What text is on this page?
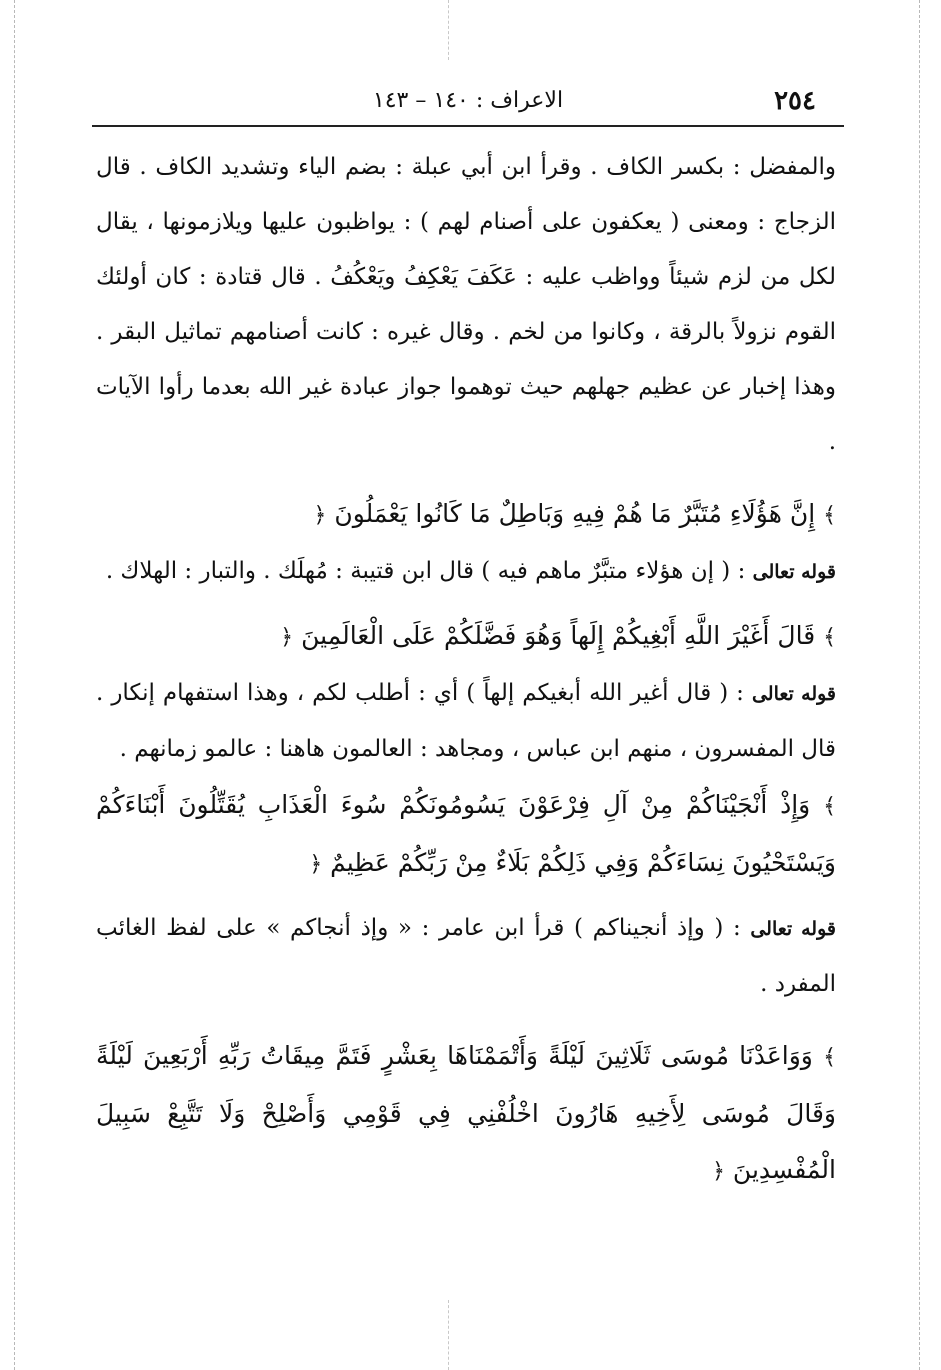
٢٥٤
الاعراف : ١٤٠ – ١٤٣

والمفضل : بكسر الكاف . وقرأ ابن أبي عبلة : بضم الياء وتشديد الكاف . قال الزجاج : ومعنى ( يعكفون على أصنام لهم ) : يواظبون عليها ويلازمونها ، يقال لكل من لزم شيئاً وواظب عليه : عَكَفَ يَعْكِفُ ويَعْكُفُ . قال قتادة : كان أولئك القوم نزولاً بالرقة ، وكانوا من لخم . وقال غيره : كانت أصنامهم تماثيل البقر . وهذا إخبار عن عظيم جهلهم حيث توهموا جواز عبادة غير الله بعدما رأوا الآيات .

﴾ إِنَّ هَؤُلَاءِ مُتَبَّرٌ مَا هُمْ فِيهِ وَبَاطِلٌ مَا كَانُوا يَعْمَلُونَ ﴿

قوله تعالى : ( إن هؤلاء متبَّرٌ ماهم فيه ) قال ابن قتيبة : مُهلَك . والتبار : الهلاك .

﴾ قَالَ أَغَيْرَ اللَّهِ أَبْغِيكُمْ إِلَهاً وَهُوَ فَضَّلَكُمْ عَلَى الْعَالَمِينَ ﴿

قوله تعالى : ( قال أغير الله أبغيكم إلهاً ) أي : أطلب لكم ، وهذا استفهام إنكار . قال المفسرون ، منهم ابن عباس ، ومجاهد : العالمون هاهنا : عالمو زمانهم .

﴾ وَإِذْ أَنْجَيْنَاكُمْ مِنْ آلِ فِرْعَوْنَ يَسُومُونَكُمْ سُوءَ الْعَذَابِ يُقَتِّلُونَ أَبْنَاءَكُمْ وَيَسْتَحْيُونَ نِسَاءَكُمْ وَفِي ذَلِكُمْ بَلَاءٌ مِنْ رَبِّكُمْ عَظِيمٌ ﴿

قوله تعالى : ( وإذ أنجيناكم ) قرأ ابن عامر : « وإذ أنجاكم » على لفظ الغائب المفرد .

﴾ وَوَاعَدْنَا مُوسَى ثَلَاثِينَ لَيْلَةً وَأَتْمَمْنَاهَا بِعَشْرٍ فَتَمَّ مِيقَاتُ رَبِّهِ أَرْبَعِينَ لَيْلَةً وَقَالَ مُوسَى لِأَخِيهِ هَارُونَ اخْلُفْنِي فِي قَوْمِي وَأَصْلِحْ وَلَا تَتَّبِعْ سَبِيلَ الْمُفْسِدِينَ ﴿
